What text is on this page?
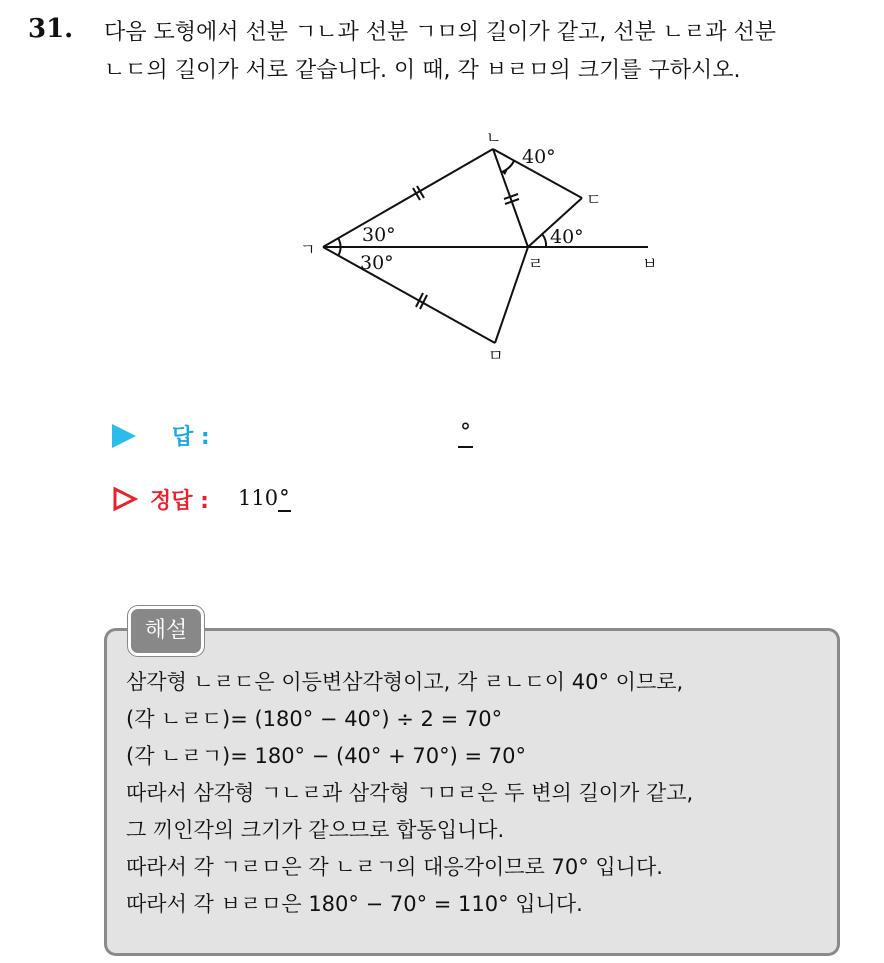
31. 다음 도형에서 선분 ㄱㄴ과 선분 ㄱㅁ의 길이가 같고, 선분 ㄴㄹ과 선분
ㄴㄷ의 길이가 서로 같습니다. 이 때, 각 ㅂㄹㅁ의 크기를 구하시오.
ㄱ
ㄴ
ㄷ
ㄹ
ㅁ
ㅂ
30°
30°
40°
40°
답 :	°
정답 : 110°
해설
삼각형 ㄴㄹㄷ은 이등변삼각형이고, 각 ㄹㄴㄷ이 40° 이므로,
(각 ㄴㄹㄷ)= (180° − 40°) ÷ 2 = 70°
(각 ㄴㄹㄱ)= 180° − (40° + 70°) = 70°
따라서 삼각형 ㄱㄴㄹ과 삼각형 ㄱㅁㄹ은 두 변의 길이가 같고,
그 끼인각의 크기가 같으므로 합동입니다.
따라서 각 ㄱㄹㅁ은 각 ㄴㄹㄱ의 대응각이므로 70° 입니다.
따라서 각 ㅂㄹㅁ은 180° − 70° = 110° 입니다.
